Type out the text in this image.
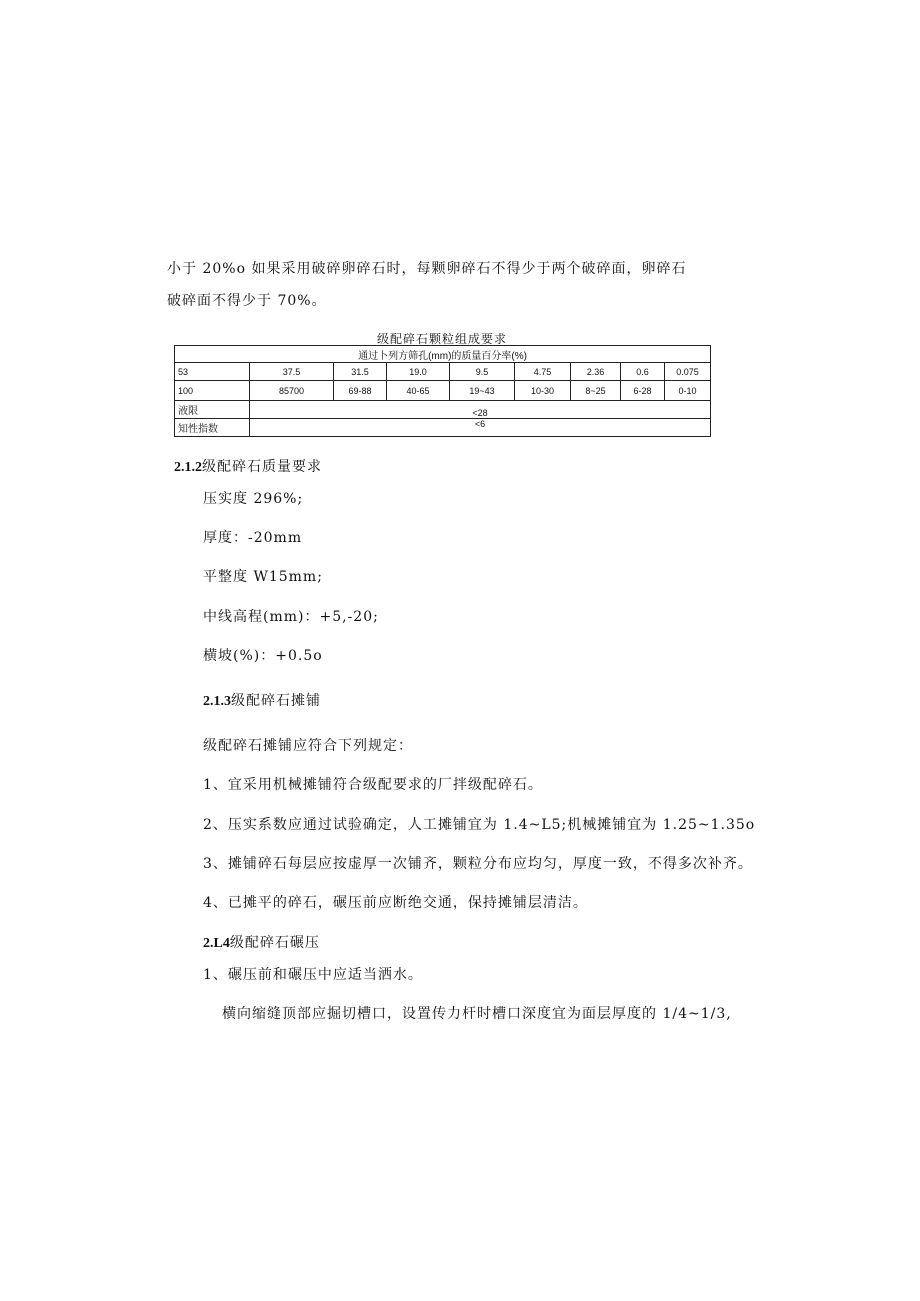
小于 20%o 如果采用破碎卵碎石时，每颗卵碎石不得少于两个破碎面，卵碎石
破碎面不得少于 70%。
级配碎石颗粒组成要求
通过卜列方筛孔(mm)的质量百分率(%)								
53	37.5	31.5	19.0	9.5	4.75	2.36	0.6	0.075
100	85700	69-88	40-65	19~43	10-30	8~25	6-28	0-10
液限	<28							
知性指数	<6							
2.1.2级配碎石质量要求
压实度 296%;
厚度：-20mm
平整度 W15mm;
中线高程(mm)：+5,-20;
横坡(%)：+0.5o
2.1.3级配碎石摊铺
级配碎石摊铺应符合下列规定：
1、宜采用机械摊铺符合级配要求的厂拌级配碎石。
2、压实系数应通过试验确定，人工摊铺宜为 1.4~L5;机械摊铺宜为 1.25~1.35o
3、摊铺碎石每层应按虚厚一次铺齐，颗粒分布应均匀，厚度一致，不得多次补齐。
4、已摊平的碎石，碾压前应断绝交通，保持摊铺层清洁。
2.L4级配碎石碾压
1、碾压前和碾压中应适当洒水。
横向缩缝顶部应掘切槽口，设置传力杆时槽口深度宜为面层厚度的 1/4~1/3,
